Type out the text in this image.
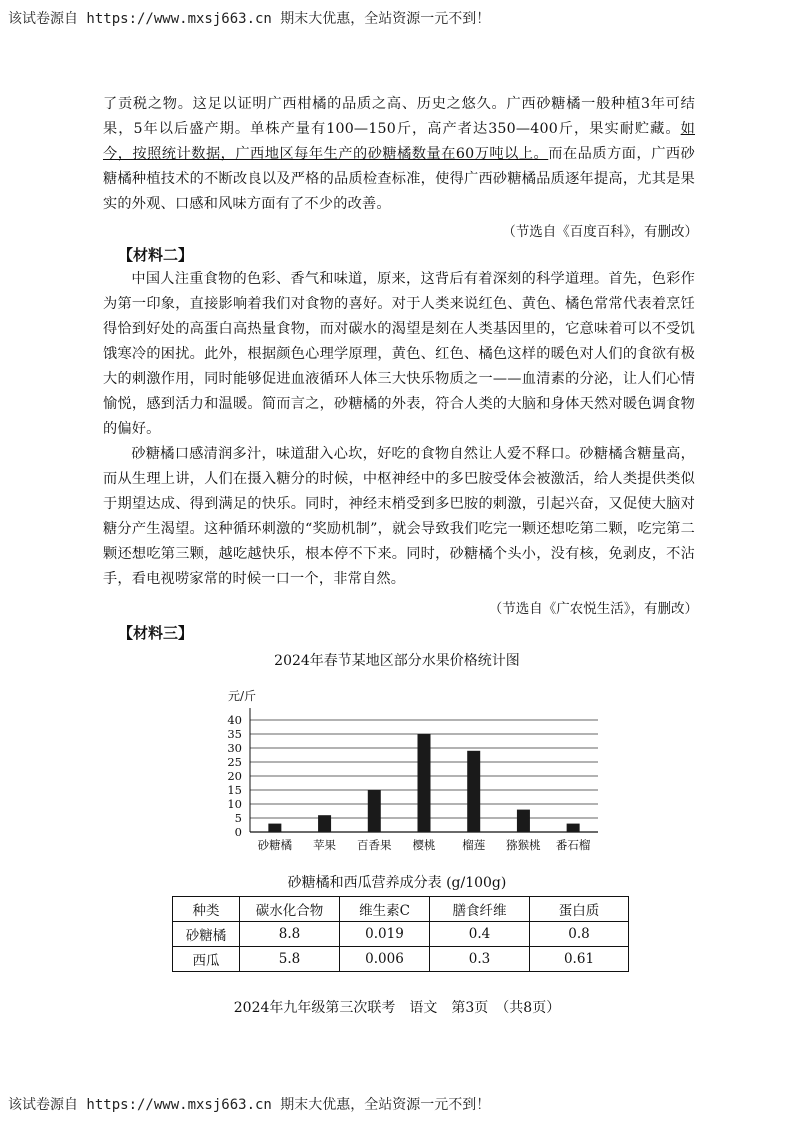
该试卷源自 https://www.mxsj663.cn 期末大优惠，全站资源一元不到！

了贡税之物。这足以证明广西柑橘的品质之高、历史之悠久。广西砂糖橘一般种植3年可结果，5年以后盛产期。单株产量有100—150斤，高产者达350—400斤，果实耐贮藏。如今，按照统计数据，广西地区每年生产的砂糖橘数量在60万吨以上。而在品质方面，广西砂糖橘种植技术的不断改良以及严格的品质检查标准，使得广西砂糖橘品质逐年提高，尤其是果实的外观、口感和风味方面有了不少的改善。

（节选自《百度百科》，有删改）
【材料二】

中国人注重食物的色彩、香气和味道，原来，这背后有着深刻的科学道理。首先，色彩作为第一印象，直接影响着我们对食物的喜好。对于人类来说红色、黄色、橘色常常代表着烹饪得恰到好处的高蛋白高热量食物，而对碳水的渴望是刻在人类基因里的，它意味着可以不受饥饿寒冷的困扰。此外，根据颜色心理学原理，黄色、红色、橘色这样的暖色对人们的食欲有极大的刺激作用，同时能够促进血液循环人体三大快乐物质之一——血清素的分泌，让人们心情愉悦，感到活力和温暖。简而言之，砂糖橘的外表，符合人类的大脑和身体天然对暖色调食物的偏好。

砂糖橘口感清润多汁，味道甜入心坎，好吃的食物自然让人爱不释口。砂糖橘含糖量高，而从生理上讲，人们在摄入糖分的时候，中枢神经中的多巴胺受体会被激活，给人类提供类似于期望达成、得到满足的快乐。同时，神经末梢受到多巴胺的刺激，引起兴奋，又促使大脑对糖分产生渴望。这种循环刺激的“奖励机制”，就会导致我们吃完一颗还想吃第二颗，吃完第二颗还想吃第三颗，越吃越快乐，根本停不下来。同时，砂糖橘个头小，没有核，免剥皮，不沾手，看电视唠家常的时候一口一个，非常自然。

（节选自《广农悦生活》，有删改）
【材料三】
2024年春节某地区部分水果价格统计图
元/斤
0
5
10
15
20
25
30
35
40
砂糖橘 苹果 百香果 樱桃 榴莲 猕猴桃 番石榴
砂糖橘和西瓜营养成分表 (g/100g)
种类	碳水化合物	维生素C	膳食纤维	蛋白质
砂糖橘	8.8	0.019	0.4	0.8
西瓜	5.8	0.006	0.3	0.61
2024年九年级第三次联考　语文　第3页　（共8页）
该试卷源自 https://www.mxsj663.cn 期末大优惠，全站资源一元不到！
